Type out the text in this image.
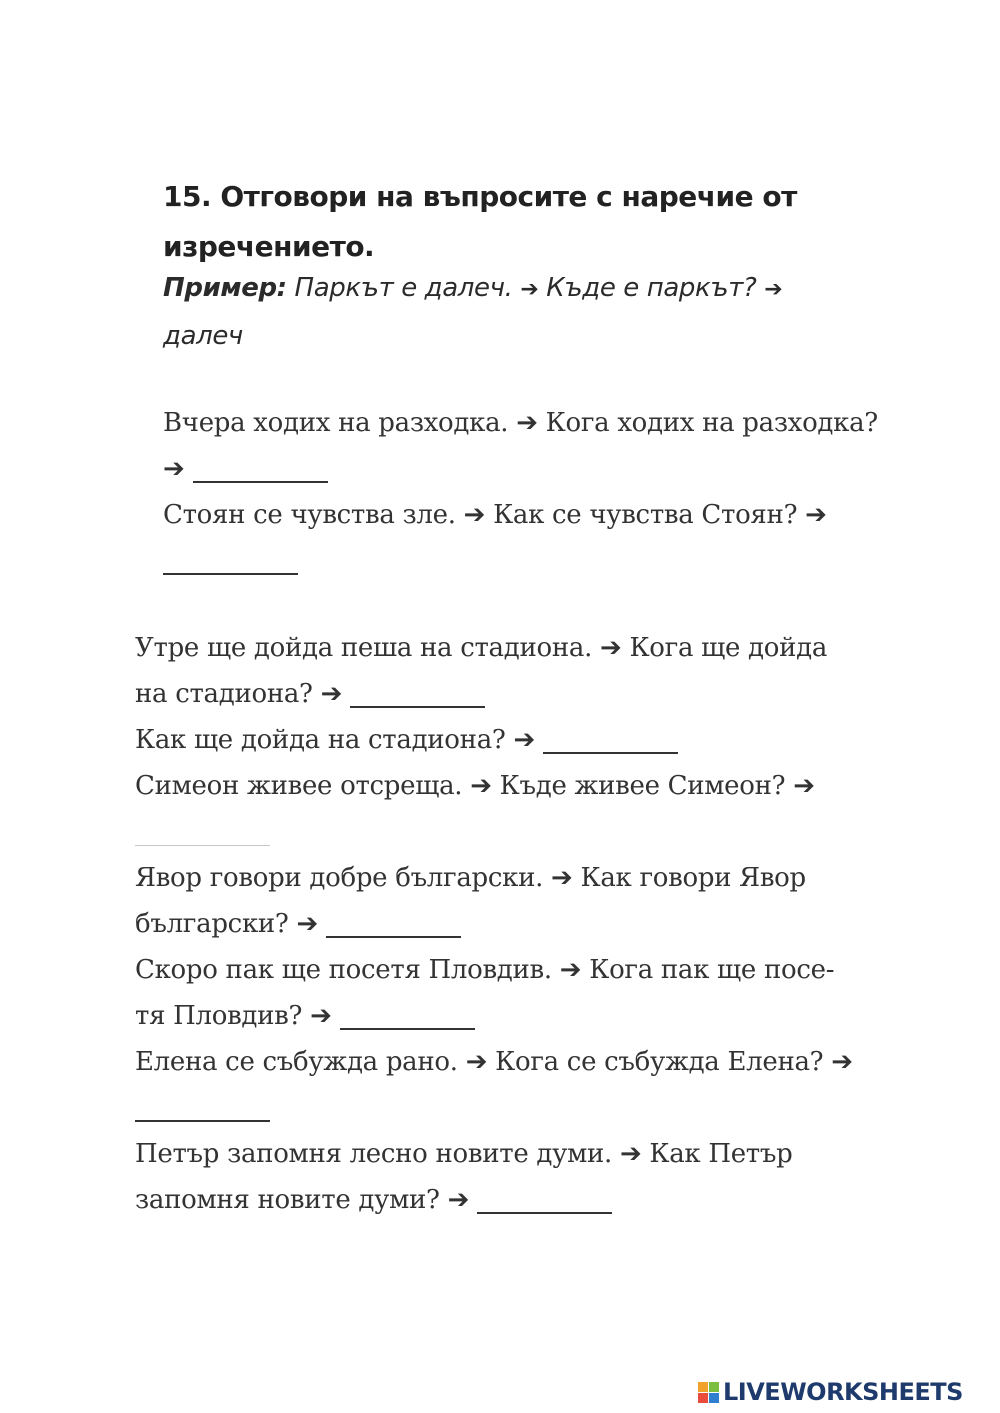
15. Отговори на въпросите с наречие от изречението.
Пример: Паркът е далеч. ➔ Къде е паркът? ➔
далеч
Вчера ходих на разходка. ➔ Кога ходих на разходка?
➔
Стоян се чувства зле. ➔ Как се чувства Стоян? ➔
Утре ще дойда пеша на стадиона. ➔ Кога ще дойда
на стадиона? ➔
Как ще дойда на стадиона? ➔
Симеон живее отсреща. ➔ Къде живее Симеон? ➔
Явор говори добре български. ➔ Как говори Явор
български? ➔
Скоро пак ще посетя Пловдив. ➔ Кога пак ще посе-
тя Пловдив? ➔
Елена се събужда рано. ➔ Кога се събужда Елена? ➔
Петър запомня лесно новите думи. ➔ Как Петър
запомня новите думи? ➔
LIVEWORKSHEETS
